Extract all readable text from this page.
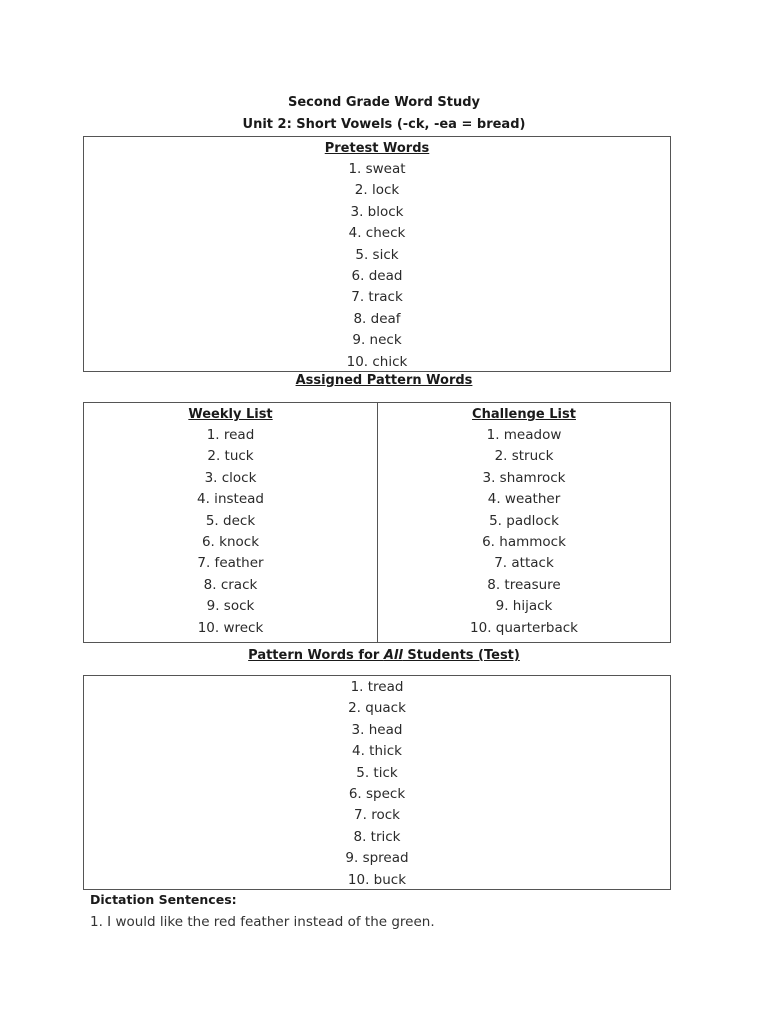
Second Grade Word Study
Unit 2: Short Vowels (-ck, -ea = bread)
Pretest Words
1. sweat
2. lock
3. block
4. check
5. sick
6. dead
7. track
8. deaf
9. neck
10. chick
Assigned Pattern Words
Weekly List
1. read
2. tuck
3. clock
4. instead
5. deck
6. knock
7. feather
8. crack
9. sock
10. wreck
Challenge List
1. meadow
2. struck
3. shamrock
4. weather
5. padlock
6. hammock
7. attack
8. treasure
9. hijack
10. quarterback
Pattern Words for All Students (Test)
1. tread
2. quack
3. head
4. thick
5. tick
6. speck
7. rock
8. trick
9. spread
10. buck
Dictation Sentences:
1. I would like the red feather instead of the green.
